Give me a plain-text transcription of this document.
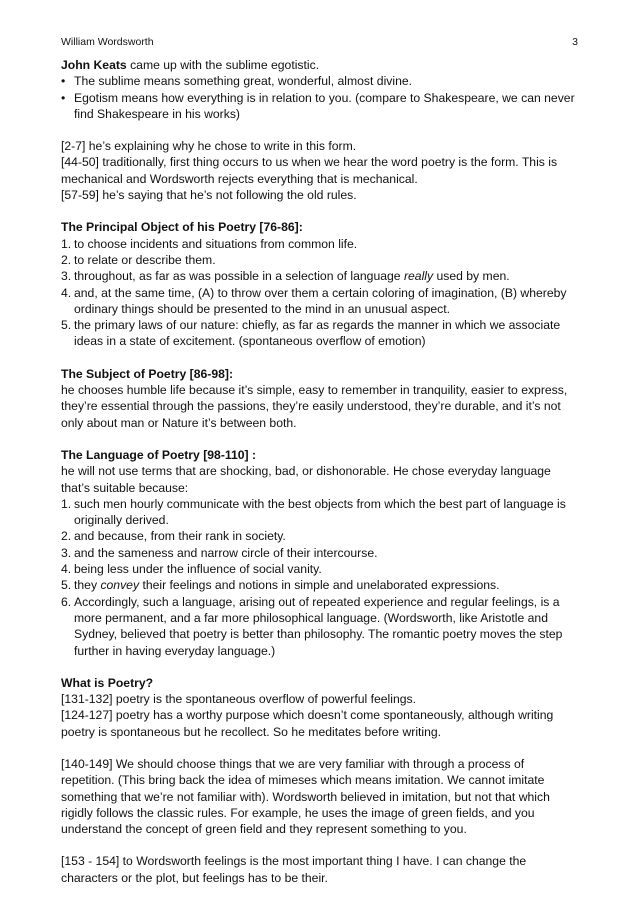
William Wordsworth	3

John Keats came up with the sublime egotistic.

• The sublime means something great, wonderful, almost divine.
• Egotism means how everything is in relation to you. (compare to Shakespeare, we can never find Shakespeare in his works)

[2-7] he’s explaining why he chose to write in this form.

[44-50] traditionally, first thing occurs to us when we hear the word poetry is the form. This is mechanical and Wordsworth rejects everything that is mechanical.

[57-59] he’s saying that he’s not following the old rules.

The Principal Object of his Poetry [76-86]:

1. to choose incidents and situations from common life.
2. to relate or describe them.
3. throughout, as far as was possible in a selection of language really used by men.
4. and, at the same time, (A) to throw over them a certain coloring of imagination, (B) whereby ordinary things should be presented to the mind in an unusual aspect.
5. the primary laws of our nature: chiefly, as far as regards the manner in which we associate ideas in a state of excitement. (spontaneous overflow of emotion)

The Subject of Poetry [86-98]:

he chooses humble life because it’s simple, easy to remember in tranquility, easier to express, they’re essential through the passions, they’re easily understood, they’re durable, and it’s not only about man or Nature it’s between both.

The Language of Poetry [98-110] :

he will not use terms that are shocking, bad, or dishonorable. He chose everyday language that’s suitable because:

1. such men hourly communicate with the best objects from which the best part of language is originally derived.
2. and because, from their rank in society.
3. and the sameness and narrow circle of their intercourse.
4. being less under the influence of social vanity.
5. they convey their feelings and notions in simple and unelaborated expressions.
6. Accordingly, such a language, arising out of repeated experience and regular feelings, is a more permanent, and a far more philosophical language. (Wordsworth, like Aristotle and Sydney, believed that poetry is better than philosophy. The romantic poetry moves the step further in having everyday language.)

What is Poetry?

[131-132] poetry is the spontaneous overflow of powerful feelings.

[124-127] poetry has a worthy purpose which doesn’t come spontaneously, although writing poetry is spontaneous but he recollect. So he meditates before writing.

[140-149] We should choose things that we are very familiar with through a process of repetition. (This bring back the idea of mimeses which means imitation. We cannot imitate something that we’re not familiar with). Wordsworth believed in imitation, but not that which rigidly follows the classic rules. For example, he uses the image of green fields, and you understand the concept of green field and they represent something to you.

[153 - 154] to Wordsworth feelings is the most important thing I have. I can change the characters or the plot, but feelings has to be their.
